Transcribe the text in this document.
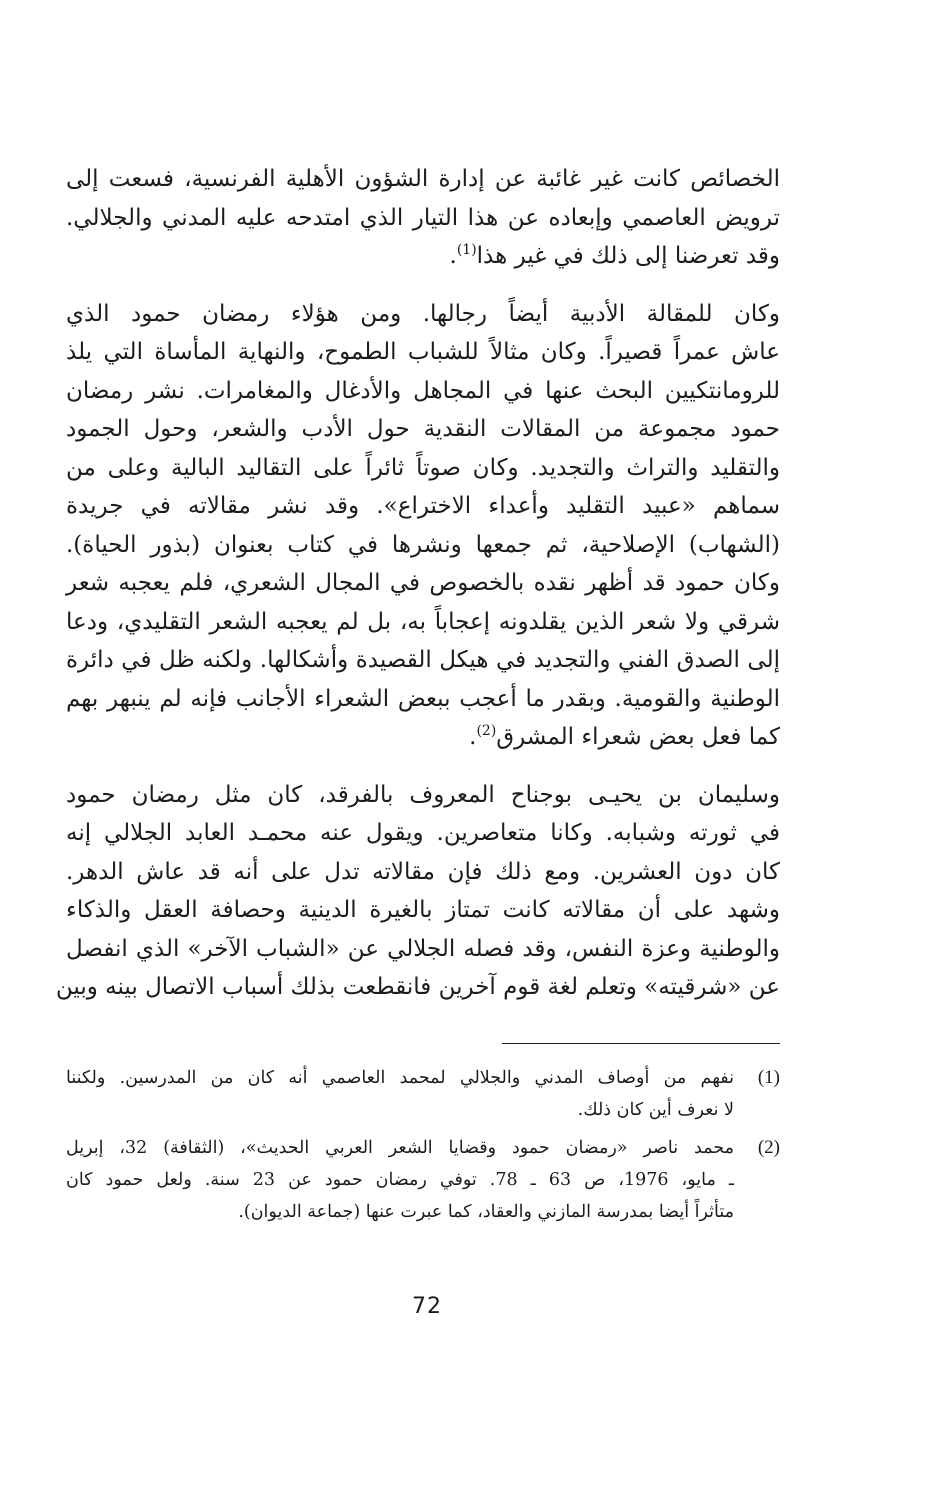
الخصائص كانت غير غائبة عن إدارة الشؤون الأهلية الفرنسية، فسعت إلى
ترويض العاصمي وإبعاده عن هذا التيار الذي امتدحه عليه المدني والجلالي.
وقد تعرضنا إلى ذلك في غير هذا$^{(1)}$.

وكان للمقالة الأدبية أيضاً رجالها. ومن هؤلاء رمضان حمود الذي
عاش عمراً قصيراً. وكان مثالاً للشباب الطموح، والنهاية المأساة التي يلذ
للرومانتكيين البحث عنها في المجاهل والأدغال والمغامرات. نشر رمضان
حمود مجموعة من المقالات النقدية حول الأدب والشعر، وحول الجمود
والتقليد والتراث والتجديد. وكان صوتاً ثائراً على التقاليد البالية وعلى من
سماهم «عبيد التقليد وأعداء الاختراع». وقد نشر مقالاته في جريدة
(الشهاب) الإصلاحية، ثم جمعها ونشرها في كتاب بعنوان (بذور الحياة).
وكان حمود قد أظهر نقده بالخصوص في المجال الشعري، فلم يعجبه شعر
شرقي ولا شعر الذين يقلدونه إعجاباً به، بل لم يعجبه الشعر التقليدي، ودعا
إلى الصدق الفني والتجديد في هيكل القصيدة وأشكالها. ولكنه ظل في دائرة
الوطنية والقومية. وبقدر ما أعجب ببعض الشعراء الأجانب فإنه لم ينبهر بهم
كما فعل بعض شعراء المشرق$^{(2)}$.

وسليمان بن يحيـى بوجناح المعروف بالفرقد، كان مثل رمضان حمود
في ثورته وشبابه. وكانا متعاصرين. ويقول عنه محمـد العابد الجلالي إنه
كان دون العشرين. ومع ذلك فإن مقالاته تدل على أنه قد عاش الدهر.
وشهد على أن مقالاته كانت تمتاز بالغيرة الدينية وحصافة العقل والذكاء
والوطنية وعزة النفس، وقد فصله الجلالي عن «الشباب الآخر» الذي انفصل
عن «شرقيته» وتعلم لغة قوم آخرين فانقطعت بذلك أسباب الاتصال بينه وبين

(1)
نفهم من أوصاف المدني والجلالي لمحمد العاصمي أنه كان من المدرسين. ولكننا
لا نعرف أين كان ذلك.
(2)
محمد ناصر «رمضان حمود وقضايا الشعر العربي الحديث»، (الثقافة) 32، إبريل
ـ مايو، 1976، ص 63 ـ 78. توفي رمضان حمود عن 23 سنة. ولعل حمود كان
متأثراً أيضا بمدرسة المازني والعقاد، كما عبرت عنها (جماعة الديوان).
72
